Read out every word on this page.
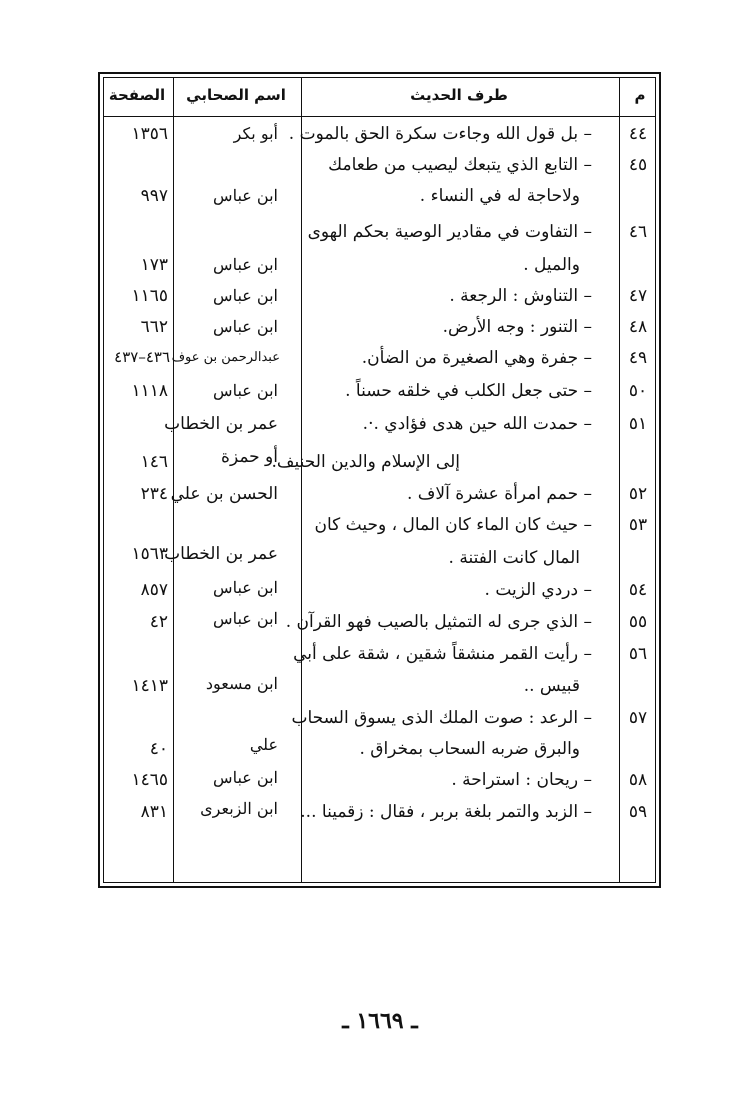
م
طرف الحديث
اسم الصحابي
الصفحة
٤٤
– بل قول الله وجاءت سكرة الحق بالموت .
أبو بكر
١٣٥٦
٤٥
– التابع الذي يتبعك ليصيب من طعامك
ولاحاجة له في النساء .
ابن عباس
٩٩٧
٤٦
– التفاوت في مقادير الوصية بحكم الهوى
والميل .
ابن عباس
١٧٣
٤٧
– التناوش : الرجعة .
ابن عباس
١١٦٥
٤٨
– التنور : وجه الأرض.
ابن عباس
٦٦٢
٤٩
– جفرة وهي الصغيرة من الضأن.
عبدالرحمن بن عوف
٤٣٦–٤٣٧
٥٠
– حتى جعل الكلب في خلقه حسناً .
ابن عباس
١١١٨
٥١
– حمدت الله حين هدى فؤادي .·.
عمر بن الخطاب
أو حمزة
إلى الإسلام والدين الحنيف.
١٤٦
٥٢
– حمم امرأة عشرة آلاف .
الحسن بن علي
٢٣٤
٥٣
– حيث كان الماء كان المال ، وحيث كان
المال كانت الفتنة .
عمر بن الخطاب
١٥٦٣
٥٤
– دردي الزيت .
ابن عباس
٨٥٧
٥٥
– الذي جرى له التمثيل بالصيب فهو القرآن .
ابن عباس
٤٢
٥٦
– رأيت القمر منشقاً شقين ، شقة على أبي
قبيس ..
ابن مسعود
١٤١٣
٥٧
– الرعد : صوت الملك الذى يسوق السحاب
والبرق ضربه السحاب بمخراق .
علي
٤٠
٥٨
– ريحان : استراحة .
ابن عباس
١٤٦٥
٥٩
– الزبد والتمر بلغة بربر ، فقال : زقمينا ...
ابن الزبعرى
٨٣١
ـ ١٦٦٩ ـ
